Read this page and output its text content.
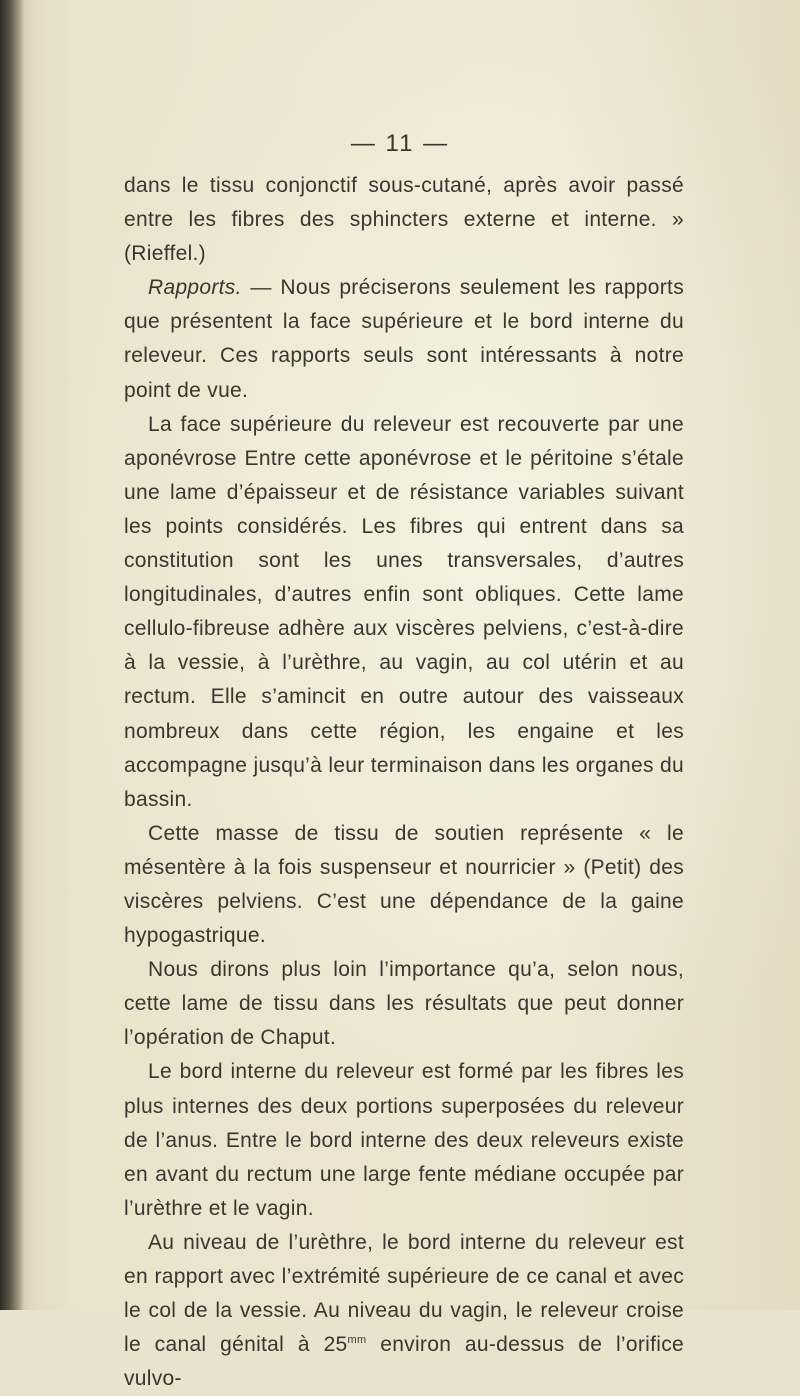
— 11 —

dans le tissu conjonctif sous-cutané, après avoir passé entre les fibres des sphincters externe et interne. » (Rieffel.)

Rapports. — Nous préciserons seulement les rapports que présentent la face supérieure et le bord interne du releveur. Ces rapports seuls sont intéressants à notre point de vue.

La face supérieure du releveur est recouverte par une aponévrose Entre cette aponévrose et le péritoine s’étale une lame d’épaisseur et de résistance variables suivant les points considérés. Les fibres qui entrent dans sa constitution sont les unes transversales, d’autres longitudinales, d’autres enfin sont obliques. Cette lame cellulo-fibreuse adhère aux viscères pelviens, c’est-à-dire à la vessie, à l’urèthre, au vagin, au col utérin et au rectum. Elle s’amincit en outre autour des vaisseaux nombreux dans cette région, les engaine et les accompagne jusqu’à leur terminaison dans les organes du bassin.

Cette masse de tissu de soutien représente « le mésentère à la fois suspenseur et nourricier » (Petit) des viscères pelviens. C’est une dépendance de la gaine hypogastrique.

Nous dirons plus loin l’importance qu’a, selon nous, cette lame de tissu dans les résultats que peut donner l’opération de Chaput.

Le bord interne du releveur est formé par les fibres les plus internes des deux portions superposées du releveur de l’anus. Entre le bord interne des deux releveurs existe en avant du rectum une large fente médiane occupée par l’urèthre et le vagin.

Au niveau de l’urèthre, le bord interne du releveur est en rapport avec l’extrémité supérieure de ce canal et avec le col de la vessie. Au niveau du vagin, le releveur croise le canal génital à $25^{mm}$ environ au-dessus de l’orifice vulvo-
